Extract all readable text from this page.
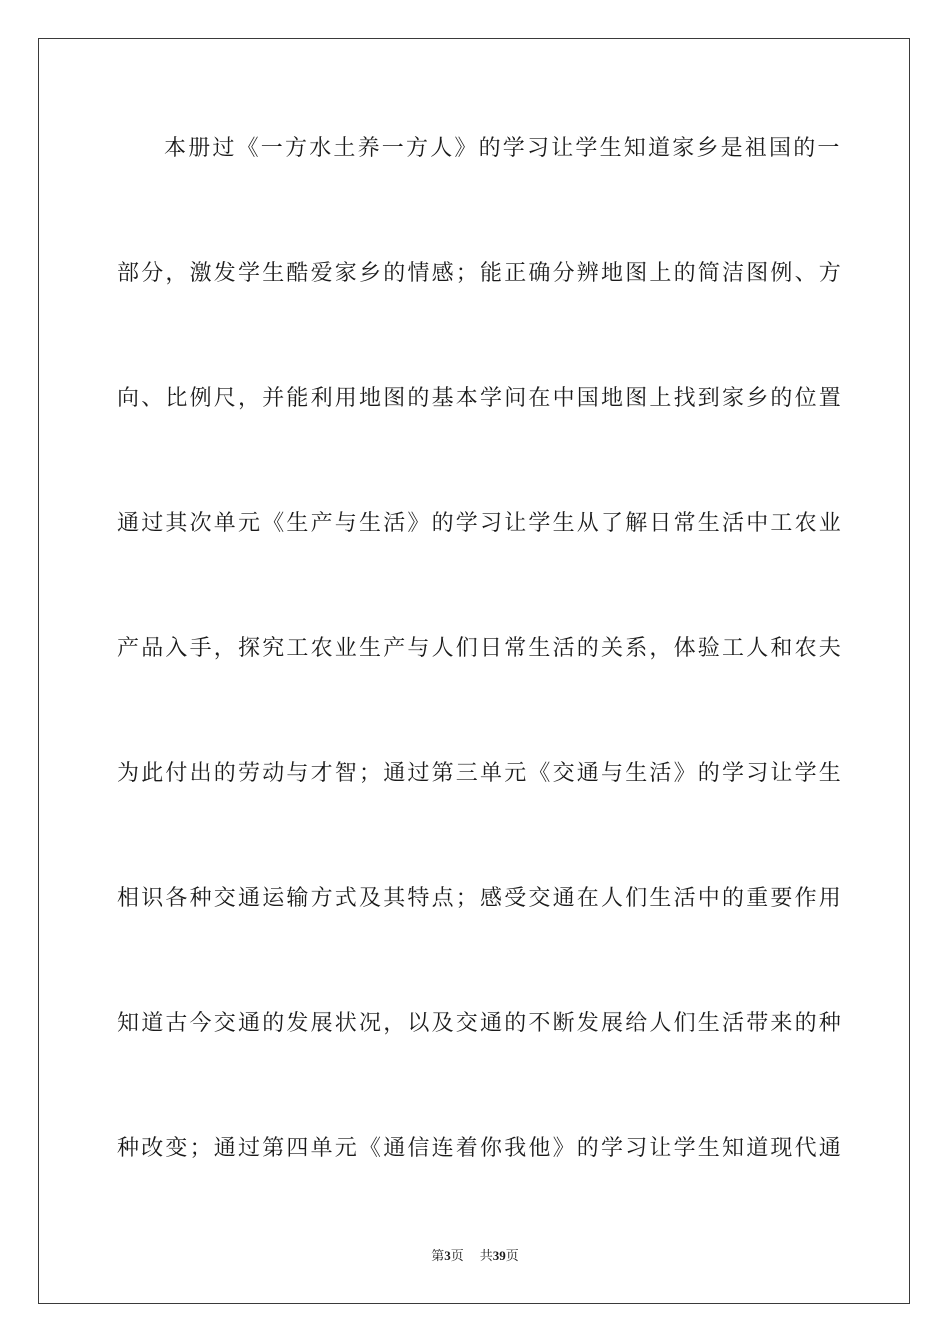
本册过《一方水土养一方人》的学习让学生知道家乡是祖国的一
部分，激发学生酷爱家乡的情感；能正确分辨地图上的简洁图例、方
向、比例尺，并能利用地图的基本学问在中国地图上找到家乡的位置
通过其次单元《生产与生活》的学习让学生从了解日常生活中工农业
产品入手，探究工农业生产与人们日常生活的关系，体验工人和农夫
为此付出的劳动与才智；通过第三单元《交通与生活》的学习让学生
相识各种交通运输方式及其特点；感受交通在人们生活中的重要作用
知道古今交通的发展状况，以及交通的不断发展给人们生活带来的种
种改变；通过第四单元《通信连着你我他》的学习让学生知道现代通
第3页 共39页
